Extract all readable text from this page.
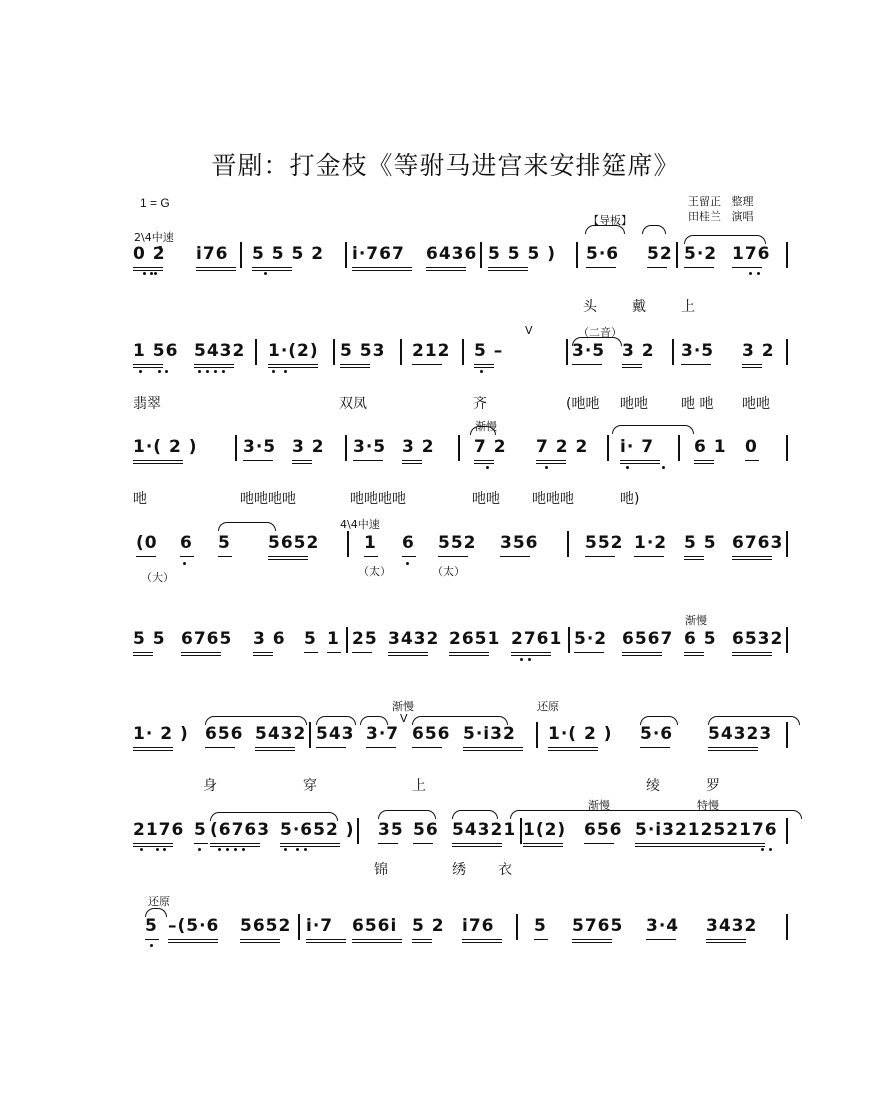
晋剧：打金枝《等驸马进宫来安排筵席》
1 = G	王留正 整理
田桂兰 演唱
2\4中速
【导板】
（二音）
V
渐慢
4\4中速
渐慢
渐慢
V
还原
渐慢	特慢
还原
0 2̇ i̇76 5 5 5 2 i̇·767 6436 5 5 5 ) 5·6 52 5·2 176
1 56 5432 1·(2) 5 53 212 5 –	3·5 3 2 3·5 3 2
1·( 2 )	3·5 3 2 3·5 3 2 7 2 7 2 2 i̇· 7 6 1 0
(0 6 5 5652	1 6 552 356	552 1·2 5 5 6763
5 5 6765 3 6 5 1 25 3432 2651 2761 5·2 6567 6 5 6532
1· 2 ) 656 5432 543 3·7 656 5·i̇32 1·( 2 ) 5·6 54323
2176 5 (6763 5·652 ) 35 56 54321 1(2) 656 5·i̇321252176
5 –(5·6 5652 i̇·7 656i̇ 5 2 i̇76 5 5765 3·4 3432
头	戴	上
翡翠	双凤	齐	(吔吔 吔吔 吔 吔 吔吔
吔	吔吔吔吔	吔吔吔吔	吔吔 吔吔吔	吔)
身	穿	上	绫	罗
锦	绣 衣
（大）	（太）	（太）
